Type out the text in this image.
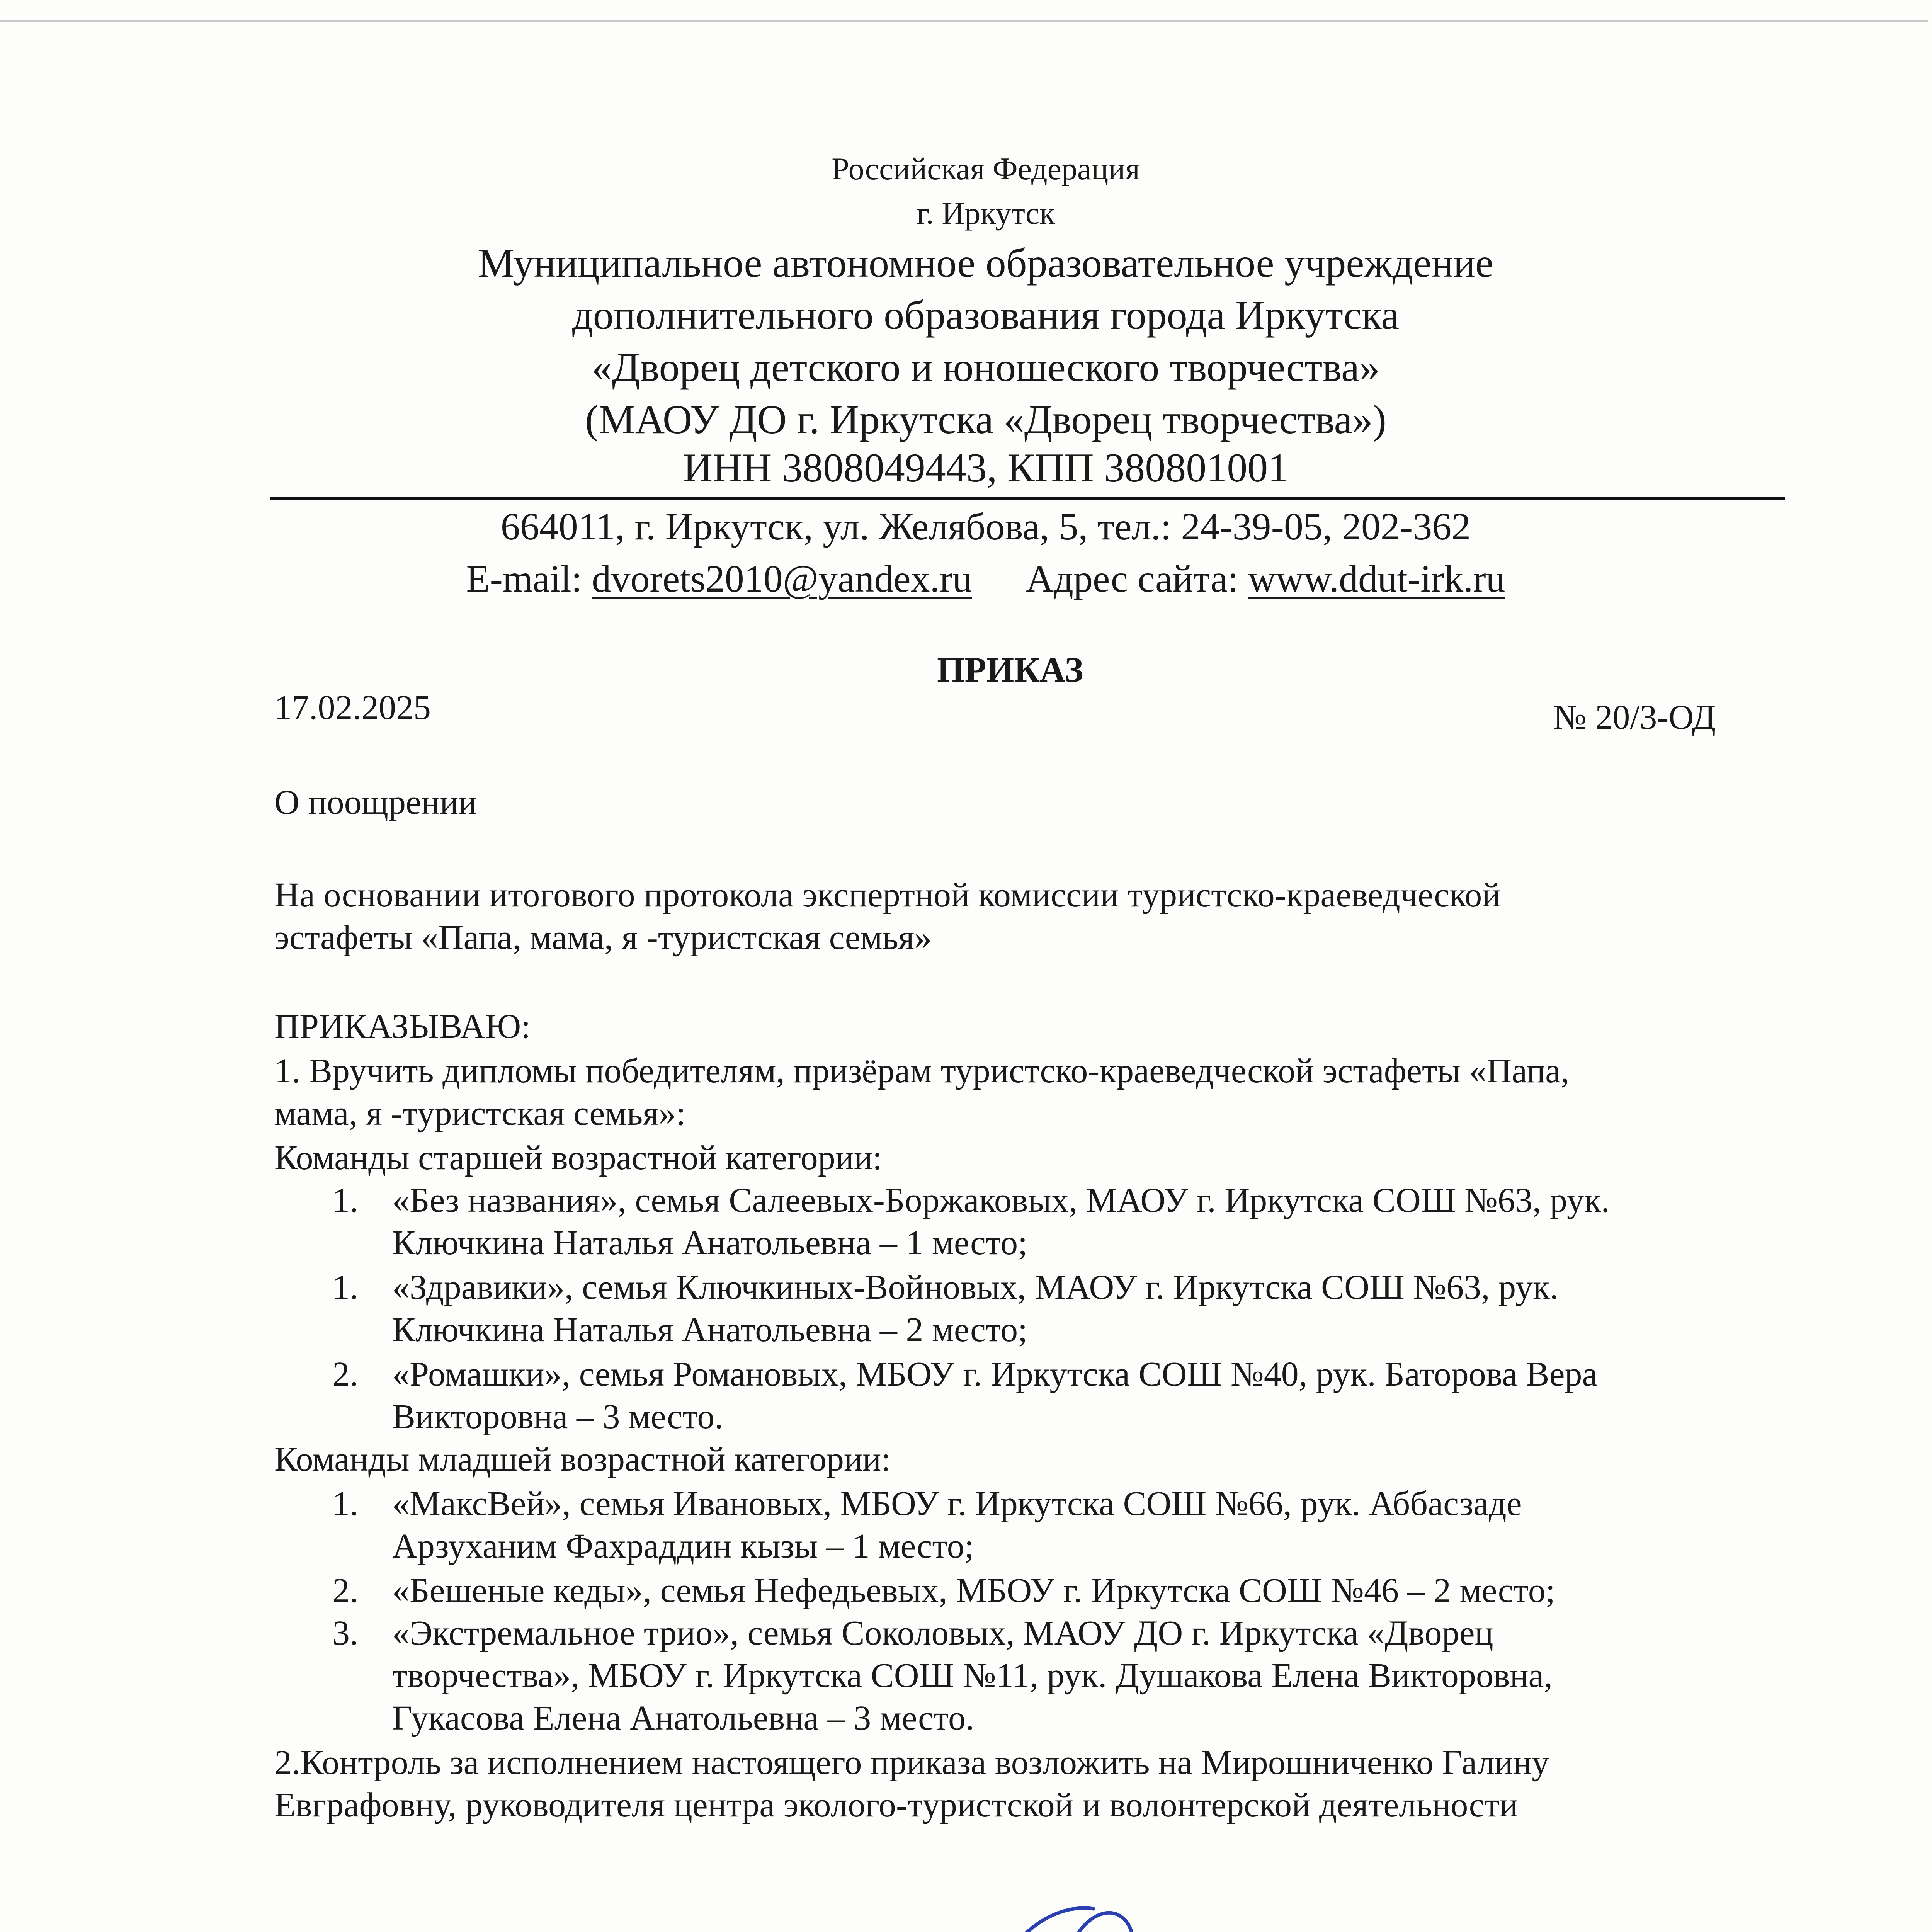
Российская Федерация
г. Иркутск
Муниципальное автономное образовательное учреждение
дополнительного образования города Иркутска
«Дворец детского и юношеского творчества»
(МАОУ ДО г. Иркутска «Дворец творчества»)
ИНН 3808049443, КПП 380801001
664011, г. Иркутск, ул. Желябова, 5, тел.: 24-39-05, 202-362
E-mail: dvorets2010@yandex.ru Адрес сайта: www.ddut-irk.ru
ПРИКАЗ
17.02.2025	№ 20/3-ОД
О поощрении
На основании итогового протокола экспертной комиссии туристско-краеведческой
эстафеты «Папа, мама, я -туристская семья»
ПРИКАЗЫВАЮ:
1. Вручить дипломы победителям, призёрам туристско-краеведческой эстафеты «Папа,
мама, я -туристская семья»:
Команды старшей возрастной категории:
1. «Без названия», семья Салеевых-Боржаковых, МАОУ г. Иркутска СОШ №63, рук.
Ключкина Наталья Анатольевна – 1 место;
1. «Здравики», семья Ключкиных-Войновых, МАОУ г. Иркутска СОШ №63, рук.
Ключкина Наталья Анатольевна – 2 место;
2. «Ромашки», семья Романовых, МБОУ г. Иркутска СОШ №40, рук. Баторова Вера
Викторовна – 3 место.
Команды младшей возрастной категории:
1. «МаксВей», семья Ивановых, МБОУ г. Иркутска СОШ №66, рук. Аббасзаде
Арзуханим Фахраддин кызы – 1 место;
2. «Бешеные кеды», семья Нефедьевых, МБОУ г. Иркутска СОШ №46 – 2 место;
3. «Экстремальное трио», семья Соколовых, МАОУ ДО г. Иркутска «Дворец
творчества», МБОУ г. Иркутска СОШ №11, рук. Душакова Елена Викторовна,
Гукасова Елена Анатольевна – 3 место.
2.Контроль за исполнением настоящего приказа возложить на Мирошниченко Галину
Евграфовну, руководителя центра эколого-туристской и волонтерской деятельности
